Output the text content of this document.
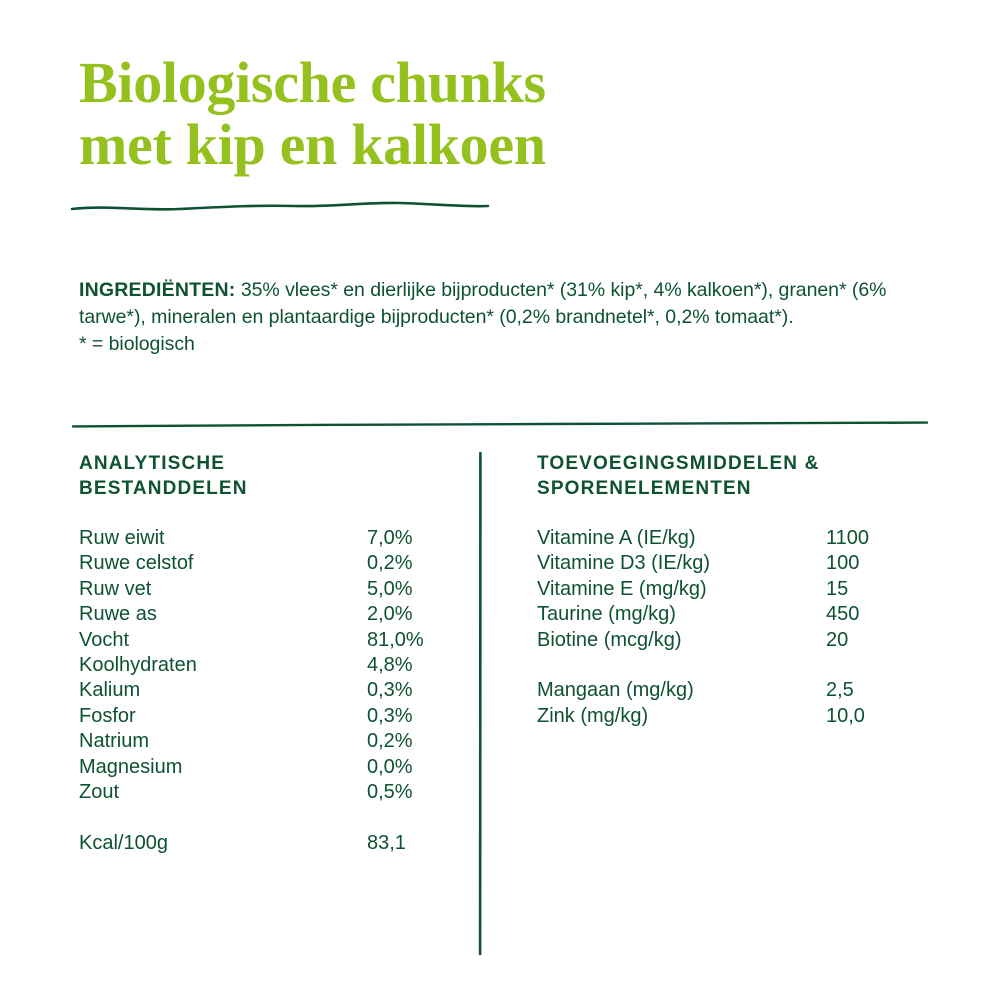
Biologische chunks
met kip en kalkoen
INGREDIËNTEN: 35% vlees* en dierlijke bijproducten* (31% kip*, 4% kalkoen*), granen* (6% tarwe*), mineralen en plantaardige bijproducten* (0,2% brandnetel*, 0,2% tomaat*).
* = biologisch
ANALYTISCHE
BESTANDDELEN
Ruw eiwit	7,0%
Ruwe celstof	0,2%
Ruw vet	5,0%
Ruwe as	2,0%
Vocht	81,0%
Koolhydraten	4,8%
Kalium	0,3%
Fosfor	0,3%
Natrium	0,2%
Magnesium	0,0%
Zout	0,5%
Kcal/100g	83,1
TOEVOEGINGSMIDDELEN &
SPORENELEMENTEN
Vitamine A (IE/kg)	1100
Vitamine D3 (IE/kg)	100
Vitamine E (mg/kg)	15
Taurine (mg/kg)	450
Biotine (mcg/kg)	20
Mangaan (mg/kg)	2,5
Zink (mg/kg)	10,0
